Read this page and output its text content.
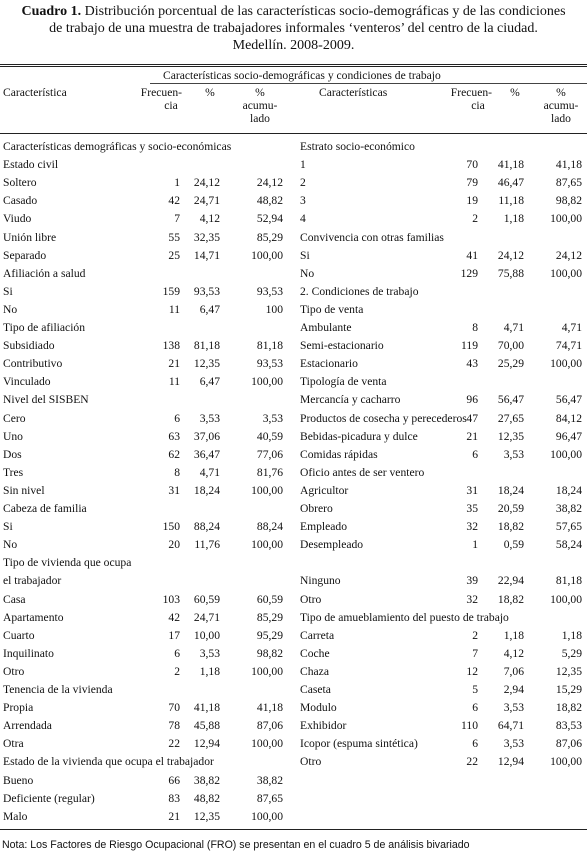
Cuadro 1. Distribución porcentual de las características socio-demográficas y de las condiciones
de trabajo de una muestra de trabajadores informales ‘venteros’ del centro de la ciudad.
Medellín. 2008-2009.
Características socio-demográficas y condiciones de trabajo
Característica	Frecuen-
cia
%	%
acumu-
lado
Características	Frecuen-
cia
%	%
acumu-
lado
Características demográficas y socio-económicas
Estado civil
Soltero	1	24,12	24,12
Casado	42	24,71	48,82
Viudo	7	4,12	52,94
Unión libre	55	32,35	85,29
Separado	25	14,71	100,00
Afiliación a salud
Si	159	93,53	93,53
No	11	6,47	100
Tipo de afiliación
Subsidiado	138	81,18	81,18
Contributivo	21	12,35	93,53
Vinculado	11	6,47	100,00
Nivel del SISBEN
Cero	6	3,53	3,53
Uno	63	37,06	40,59
Dos	62	36,47	77,06
Tres	8	4,71	81,76
Sin nivel	31	18,24	100,00
Cabeza de familia
Si	150	88,24	88,24
No	20	11,76	100,00
Tipo de vivienda que ocupa
el trabajador
Casa	103	60,59	60,59
Apartamento	42	24,71	85,29
Cuarto	17	10,00	95,29
Inquilinato	6	3,53	98,82
Otro	2	1,18	100,00
Tenencia de la vivienda
Propia	70	41,18	41,18
Arrendada	78	45,88	87,06
Otra	22	12,94	100,00
Estado de la vivienda que ocupa el trabajador
Bueno	66	38,82	38,82
Deficiente (regular)	83	48,82	87,65
Malo	21	12,35	100,00
Estrato socio-económico
1	70	41,18	41,18
2	79	46,47	87,65
3	19	11,18	98,82
4	2	1,18	100,00
Convivencia con otras familias
Si	41	24,12	24,12
No	129	75,88	100,00
2. Condiciones de trabajo
Tipo de venta
Ambulante	8	4,71	4,71
Semi-estacionario	119	70,00	74,71
Estacionario	43	25,29	100,00
Tipología de venta
Mercancía y cacharro	96	56,47	56,47
Productos de cosecha y perecederos 47	27,65	84,12
Bebidas-picadura y dulce	21	12,35	96,47
Comidas rápidas	6	3,53	100,00
Oficio antes de ser ventero
Agricultor	31	18,24	18,24
Obrero	35	20,59	38,82
Empleado	32	18,82	57,65
Desempleado	1	0,59	58,24
Ninguno	39	22,94	81,18
Otro	32	18,82	100,00
Tipo de amueblamiento del puesto de trabajo
Carreta	2	1,18	1,18
Coche	7	4,12	5,29
Chaza	12	7,06	12,35
Caseta	5	2,94	15,29
Modulo	6	3,53	18,82
Exhibidor	110	64,71	83,53
Icopor (espuma sintética)	6	3,53	87,06
Otro	22	12,94	100,00
Nota: Los Factores de Riesgo Ocupacional (FRO) se presentan en el cuadro 5 de análisis bivariado
